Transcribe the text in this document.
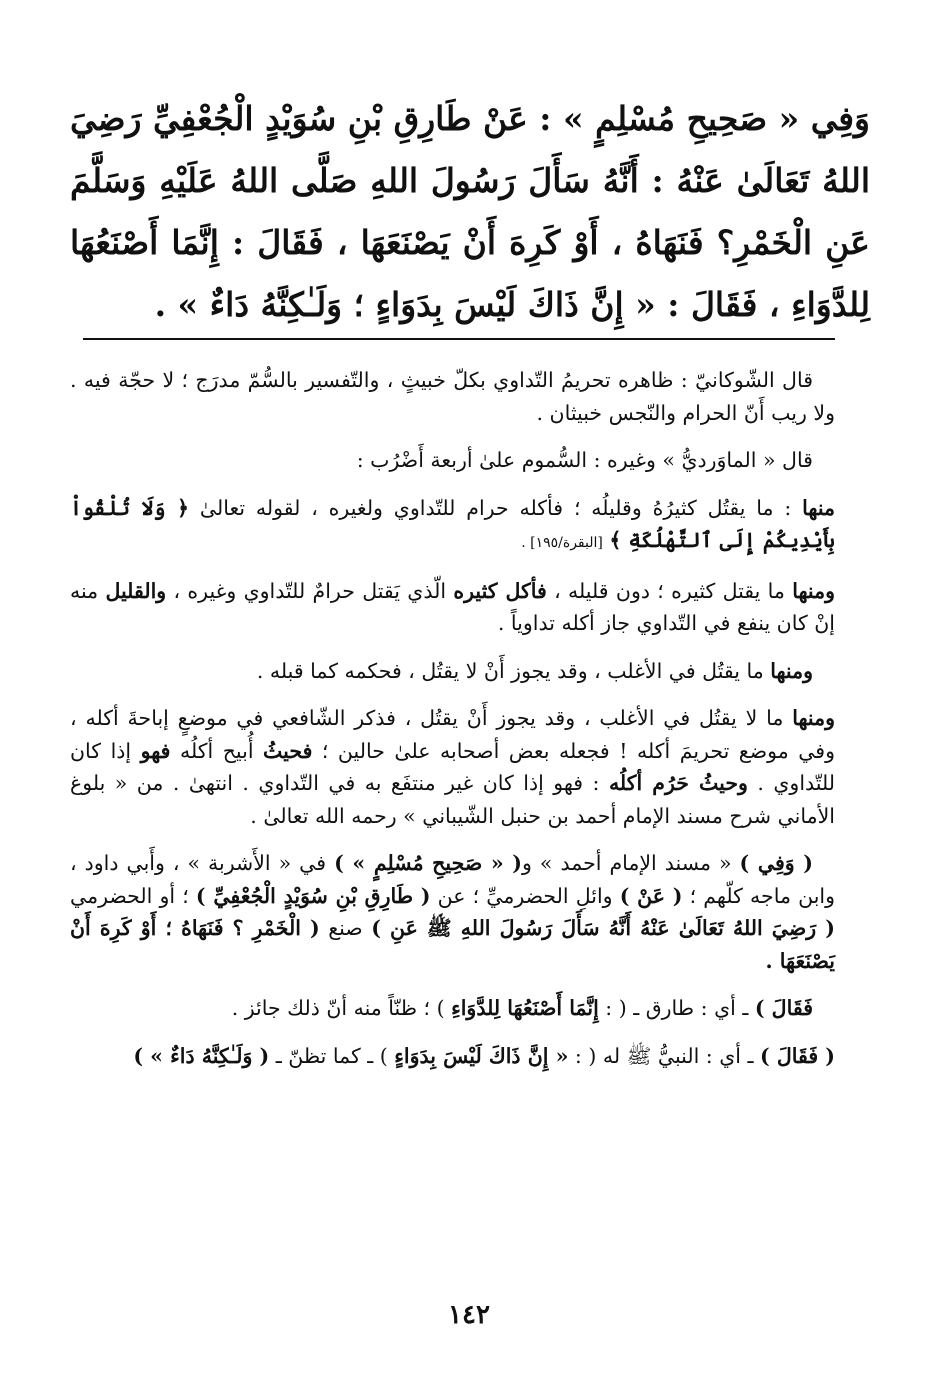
وَفِي « صَحِيحِ مُسْلِمٍ » : عَنْ طَارِقِ بْنِ سُوَيْدٍ الْجُعْفِيِّ رَضِيَ اللهُ تَعَالَىٰ عَنْهُ : أَنَّهُ سَأَلَ رَسُولَ اللهِ صَلَّى اللهُ عَلَيْهِ وَسَلَّمَ عَنِ الْخَمْرِ؟ فَنَهَاهُ ، أَوْ كَرِهَ أَنْ يَصْنَعَهَا ، فَقَالَ : إِنَّمَا أَصْنَعُهَا لِلدَّوَاءِ ، فَقَالَ : « إِنَّ ذَاكَ لَيْسَ بِدَوَاءٍ ؛ وَلَـٰكِنَّهُ دَاءٌ » .

قال الشّوكانيّ : ظاهره تحريمُ التّداوي بكلّ خبيثٍ ، والتّفسير بالسُّمّ مدرَج ؛ لا حجّة فيه . ولا ريب أَنّ الحرام والنّجس خبيثان .

قال « الماوَرديُّ » وغيره : السُّموم علىٰ أربعة أَضْرُب :

منها : ما يقتُل كثيرُهُ وقليلُه ؛ فأكله حرام للتّداوي ولغيره ، لقوله تعالىٰ ﴿ وَلَا تُلْقُواْ بِأَيْدِيكُمْ إِلَى ٱلتَّهْلُكَةِ ﴾ [البقرة/١٩٥] .

ومنها ما يقتل كثيره ؛ دون قليله ، فأكل كثيره الّذي يَقتل حرامٌ للتّداوي وغيره ، والقليل منه إنْ كان ينفع في التّداوي جاز أكله تداوياً .

ومنها ما يقتُل في الأغلب ، وقد يجوز أَنْ لا يقتُل ، فحكمه كما قبله .

ومنها ما لا يقتُل في الأغلب ، وقد يجوز أَنْ يقتُل ، فذكر الشّافعي في موضعٍ إباحةَ أكله ، وفي موضع تحريمَ أكله ! فجعله بعض أصحابه علىٰ حالين ؛ فحيثُ أُبيح أكلُه فهو إذا كان للتّداوي . وحيثُ حَرُم أكلُه : فهو إذا كان غير منتفَع به في التّداوي . انتهىٰ . من « بلوغ الأماني شرح مسند الإمام أحمد بن حنبل الشّيباني » رحمه الله تعالىٰ .

( وَفِي ) « مسند الإمام أحمد » و( « صَحِيحِ مُسْلِمٍ » ) في « الأَشربة » ، وأَبي داود ، وابن ماجه كلّهم ؛ ( عَنْ ) وائلِ الحضرميِّ ؛ عن ( طَارِقِ بْنِ سُوَيْدٍ الْجُعْفِيِّ ) ؛ أو الحضرمي ( رَضِيَ اللهُ تَعَالَىٰ عَنْهُ أَنَّهُ سَأَلَ رَسُولَ اللهِ ﷺ عَنِ ) صنع ( الْخَمْرِ ؟ فَنَهَاهُ ؛ أَوْ كَرِهَ أَنْ يَصْنَعَهَا .

فَقَالَ ) ـ أي : طارق ـ ( : إِنَّمَا أَصْنَعُهَا لِلدَّوَاءِ ) ؛ ظنّاً منه أنّ ذلك جائز .

( فَقَالَ ) ـ أي : النبيُّ ﷺ له ( : « إِنَّ ذَاكَ لَيْسَ بِدَوَاءٍ ) ـ كما تظنّ ـ ( وَلَـٰكِنَّهُ دَاءٌ » )

١٤٢
